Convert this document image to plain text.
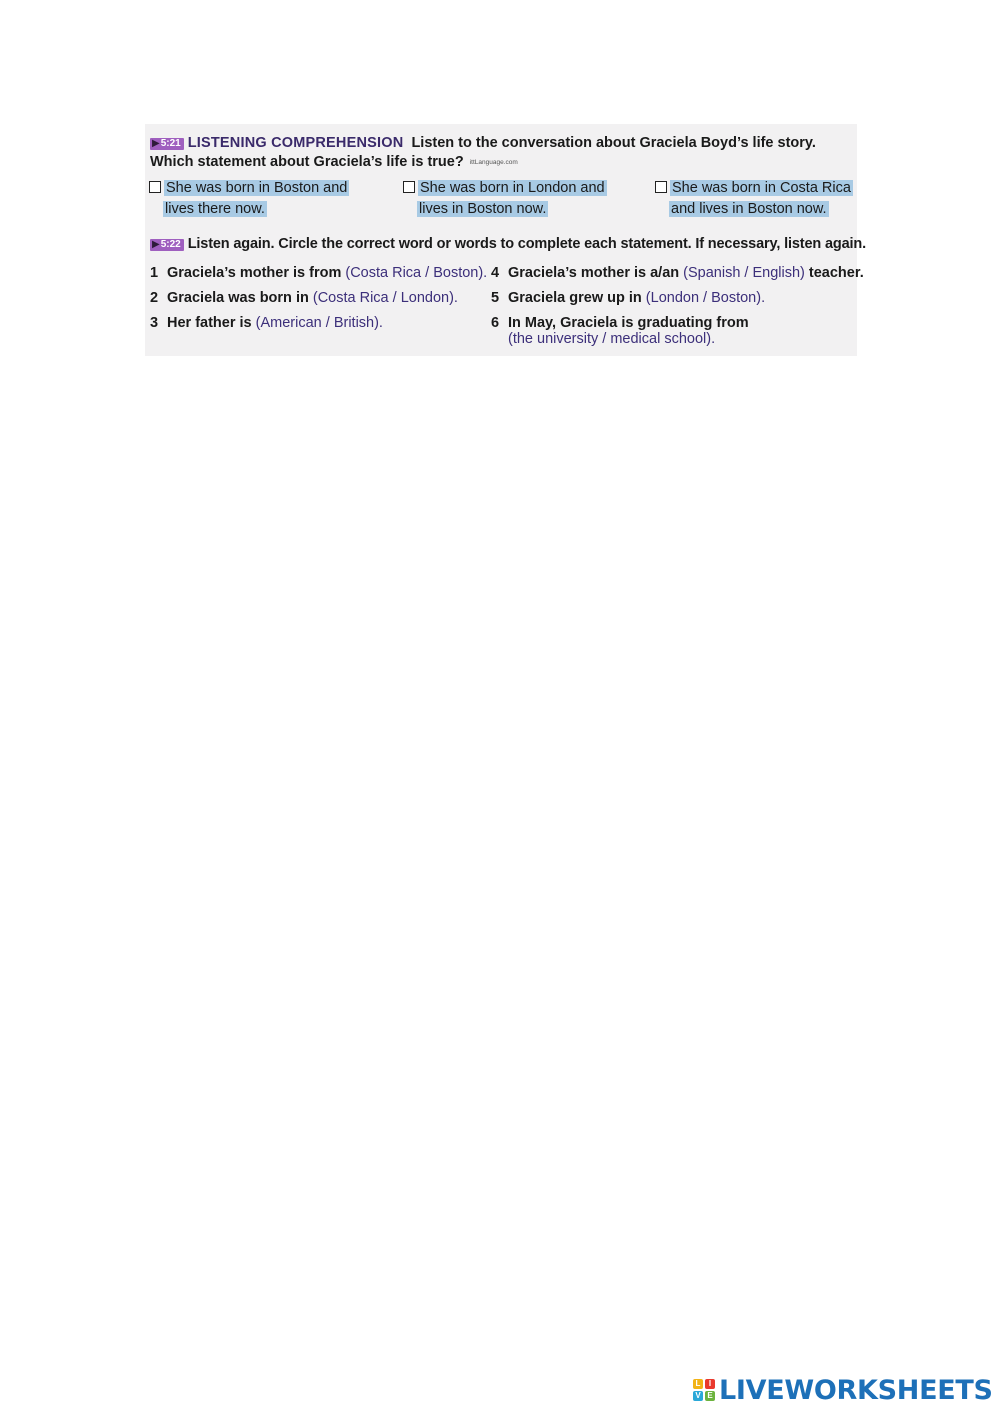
▶5:21 LISTENING COMPREHENSION Listen to the conversation about Graciela Boyd’s life story.
Which statement about Graciela’s life is true? ittLanguage.com
She was born in Boston and
lives there now.
She was born in London and
lives in Boston now.
She was born in Costa Rica
and lives in Boston now.
▶5:22 Listen again. Circle the correct word or words to complete each statement. If necessary, listen again.
1 Graciela’s mother is from (Costa Rica / Boston).
2 Graciela was born in (Costa Rica / London).
3 Her father is (American / British).
4 Graciela’s mother is a/an (Spanish / English) teacher.
5 Graciela grew up in (London / Boston).
6 In May, Graciela is graduating from
(the university / medical school).
L	I
V E LIVEWORKSHEETS
